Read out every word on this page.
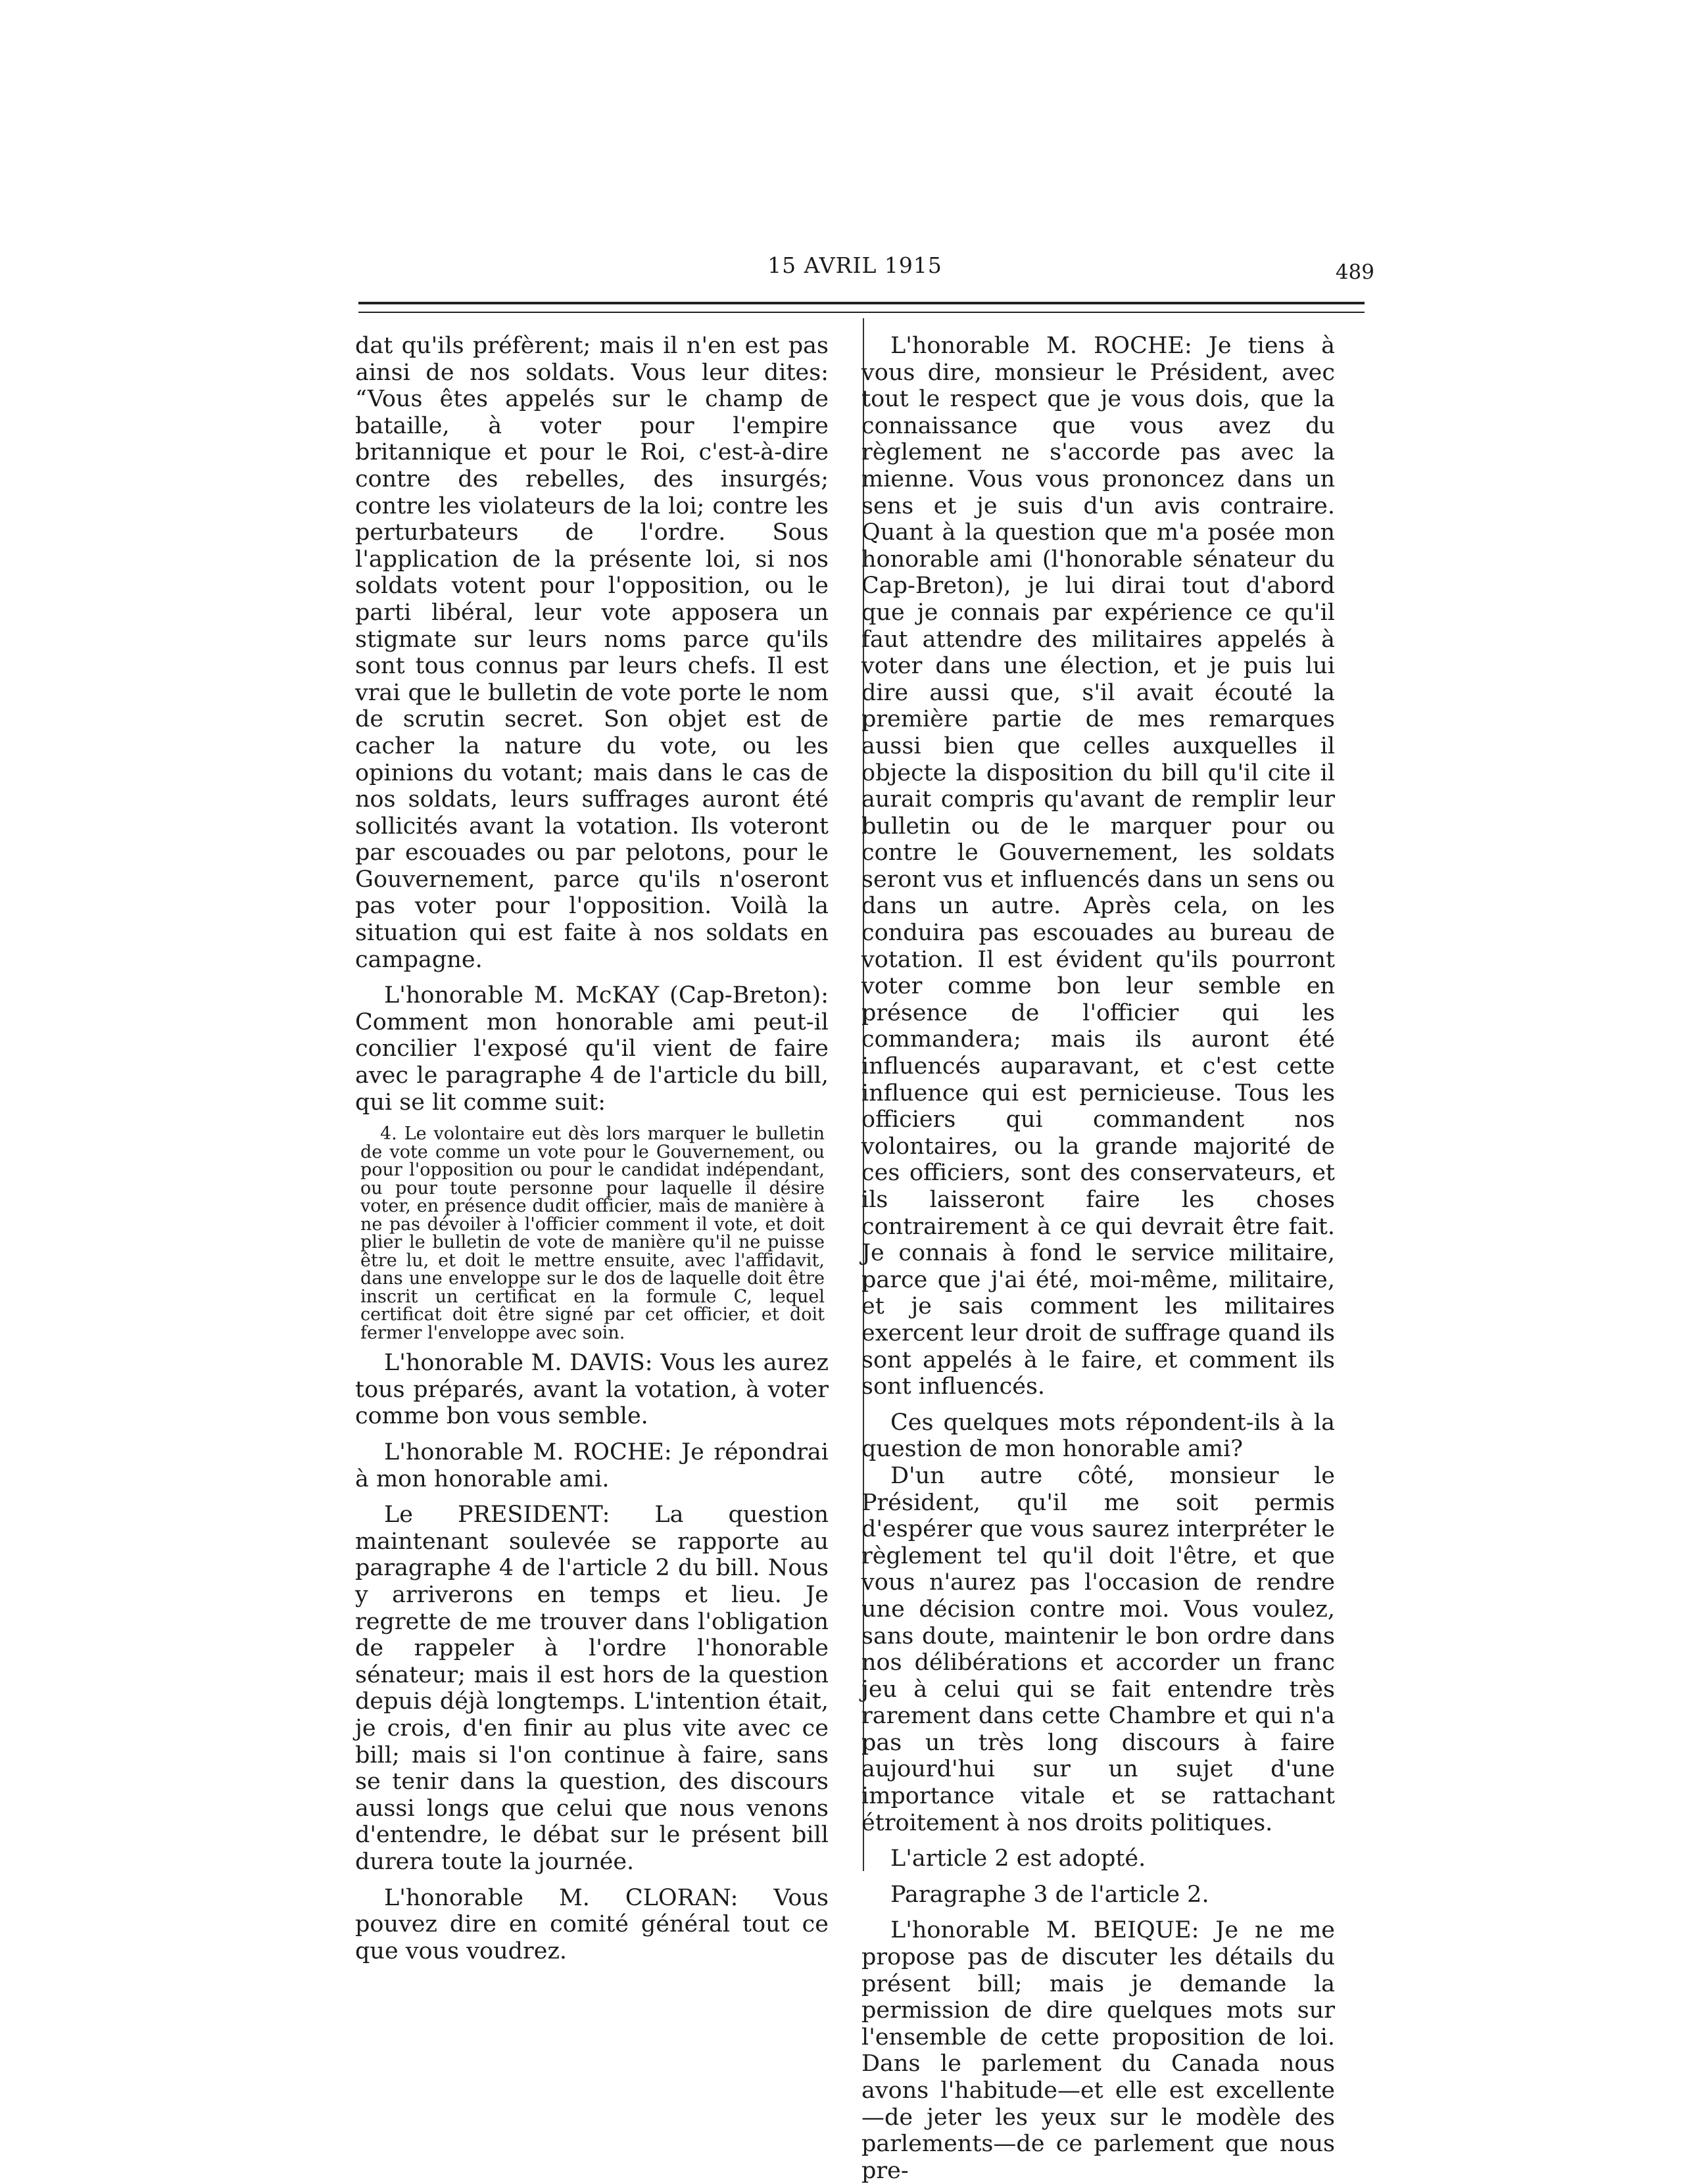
15 AVRIL 1915	489

dat qu'ils préfèrent; mais il n'en est pas ainsi de nos soldats. Vous leur dites: “Vous êtes appelés sur le champ de bataille, à voter pour l'empire britannique et pour le Roi, c'est-à-dire contre des rebelles, des insurgés; contre les violateurs de la loi; contre les perturbateurs de l'ordre. Sous l'application de la présente loi, si nos soldats votent pour l'opposition, ou le parti libéral, leur vote apposera un stigmate sur leurs noms parce qu'ils sont tous connus par leurs chefs. Il est vrai que le bulletin de vote porte le nom de scrutin secret. Son objet est de cacher la nature du vote, ou les opinions du votant; mais dans le cas de nos soldats, leurs suffrages auront été sollicités avant la votation. Ils voteront par escouades ou par pelotons, pour le Gouvernement, parce qu'ils n'oseront pas voter pour l'opposition. Voilà la situation qui est faite à nos soldats en campagne.

L'honorable M. McKAY (Cap-Breton): Comment mon honorable ami peut-il concilier l'exposé qu'il vient de faire avec le paragraphe 4 de l'article du bill, qui se lit comme suit:

4. Le volontaire eut dès lors marquer le bulletin de vote comme un vote pour le Gouvernement, ou pour l'opposition ou pour le candidat indépendant, ou pour toute personne pour laquelle il désire voter, en présence dudit officier, mais de manière à ne pas dévoiler à l'officier comment il vote, et doit plier le bulletin de vote de manière qu'il ne puisse être lu, et doit le mettre ensuite, avec l'affidavit, dans une enveloppe sur le dos de laquelle doit être inscrit un certificat en la formule C, lequel certificat doit être signé par cet officier, et doit fermer l'enveloppe avec soin.

L'honorable M. DAVIS: Vous les aurez tous préparés, avant la votation, à voter comme bon vous semble.

L'honorable M. ROCHE: Je répondrai à mon honorable ami.

Le PRESIDENT: La question maintenant soulevée se rapporte au paragraphe 4 de l'article 2 du bill. Nous y arriverons en temps et lieu. Je regrette de me trouver dans l'obligation de rappeler à l'ordre l'honorable sénateur; mais il est hors de la question depuis déjà longtemps. L'intention était, je crois, d'en finir au plus vite avec ce bill; mais si l'on continue à faire, sans se tenir dans la question, des discours aussi longs que celui que nous venons d'entendre, le débat sur le présent bill durera toute la journée.

L'honorable M. CLORAN: Vous pouvez dire en comité général tout ce que vous voudrez.

L'honorable M. ROCHE: Je tiens à vous dire, monsieur le Président, avec tout le respect que je vous dois, que la connaissance que vous avez du règlement ne s'accorde pas avec la mienne. Vous vous prononcez dans un sens et je suis d'un avis contraire. Quant à la question que m'a posée mon honorable ami (l'honorable sénateur du Cap-Breton), je lui dirai tout d'abord que je connais par expérience ce qu'il faut attendre des militaires appelés à voter dans une élection, et je puis lui dire aussi que, s'il avait écouté la première partie de mes remarques aussi bien que celles auxquelles il objecte la disposition du bill qu'il cite il aurait compris qu'avant de remplir leur bulletin ou de le marquer pour ou contre le Gouvernement, les soldats seront vus et influencés dans un sens ou dans un autre. Après cela, on les conduira pas escouades au bureau de votation. Il est évident qu'ils pourront voter comme bon leur semble en présence de l'officier qui les commandera; mais ils auront été influencés auparavant, et c'est cette influence qui est pernicieuse. Tous les officiers qui commandent nos volontaires, ou la grande majorité de ces officiers, sont des conservateurs, et ils laisseront faire les choses contrairement à ce qui devrait être fait. Je connais à fond le service militaire, parce que j'ai été, moi-même, militaire, et je sais comment les militaires exercent leur droit de suffrage quand ils sont appelés à le faire, et comment ils sont influencés.

Ces quelques mots répondent-ils à la question de mon honorable ami?

D'un autre côté, monsieur le Président, qu'il me soit permis d'espérer que vous saurez interpréter le règlement tel qu'il doit l'être, et que vous n'aurez pas l'occasion de rendre une décision contre moi. Vous voulez, sans doute, maintenir le bon ordre dans nos délibérations et accorder un franc jeu à celui qui se fait entendre très rarement dans cette Chambre et qui n'a pas un très long discours à faire aujourd'hui sur un sujet d'une importance vitale et se rattachant étroitement à nos droits politiques.

L'article 2 est adopté.

Paragraphe 3 de l'article 2.

L'honorable M. BEIQUE: Je ne me propose pas de discuter les détails du présent bill; mais je demande la permission de dire quelques mots sur l'ensemble de cette proposition de loi. Dans le parlement du Canada nous avons l'habitude—et elle est excellente—de jeter les yeux sur le modèle des parlements—de ce parlement que nous pre-
